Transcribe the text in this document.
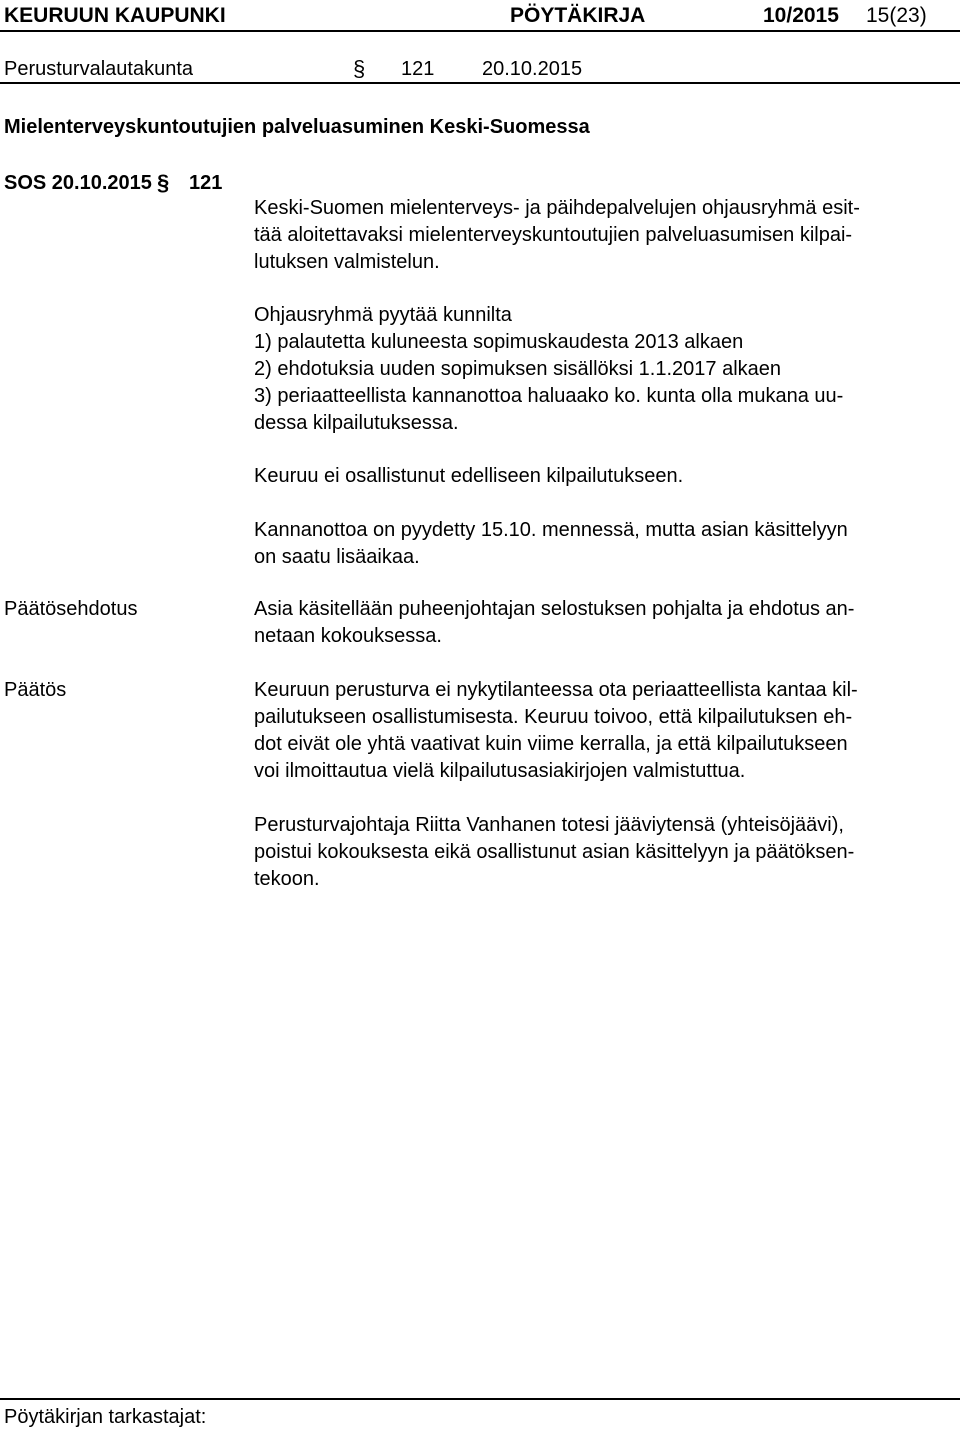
KEURUUN KAUPUNKI	PÖYTÄKIRJA	10/2015 15(23)
Perusturvalautakunta	§ 121 20.10.2015
Mielenterveyskuntoutujien palveluasuminen Keski-Suomessa
SOS 20.10.2015 § 121
Keski-Suomen mielenterveys- ja päihdepalvelujen ohjausryhmä esit-
tää aloitettavaksi mielenterveyskuntoutujien palveluasumisen kilpai-
lutuksen valmistelun.
Ohjausryhmä pyytää kunnilta
1) palautetta kuluneesta sopimuskaudesta 2013 alkaen
2) ehdotuksia uuden sopimuksen sisällöksi 1.1.2017 alkaen
3) periaatteellista kannanottoa haluaako ko. kunta olla mukana uu-
dessa kilpailutuksessa.
Keuruu ei osallistunut edelliseen kilpailutukseen.
Kannanottoa on pyydetty 15.10. mennessä, mutta asian käsittelyyn
on saatu lisäaikaa.
Päätösehdotus	Asia käsitellään puheenjohtajan selostuksen pohjalta ja ehdotus an-
netaan kokouksessa.
Päätös	Keuruun perusturva ei nykytilanteessa ota periaatteellista kantaa kil-
pailutukseen osallistumisesta. Keuruu toivoo, että kilpailutuksen eh-
dot eivät ole yhtä vaativat kuin viime kerralla, ja että kilpailutukseen
voi ilmoittautua vielä kilpailutusasiakirjojen valmistuttua.
Perusturvajohtaja Riitta Vanhanen totesi jääviytensä (yhteisöjäävi),
poistui kokouksesta eikä osallistunut asian käsittelyyn ja päätöksen-
tekoon.
Pöytäkirjan tarkastajat:
